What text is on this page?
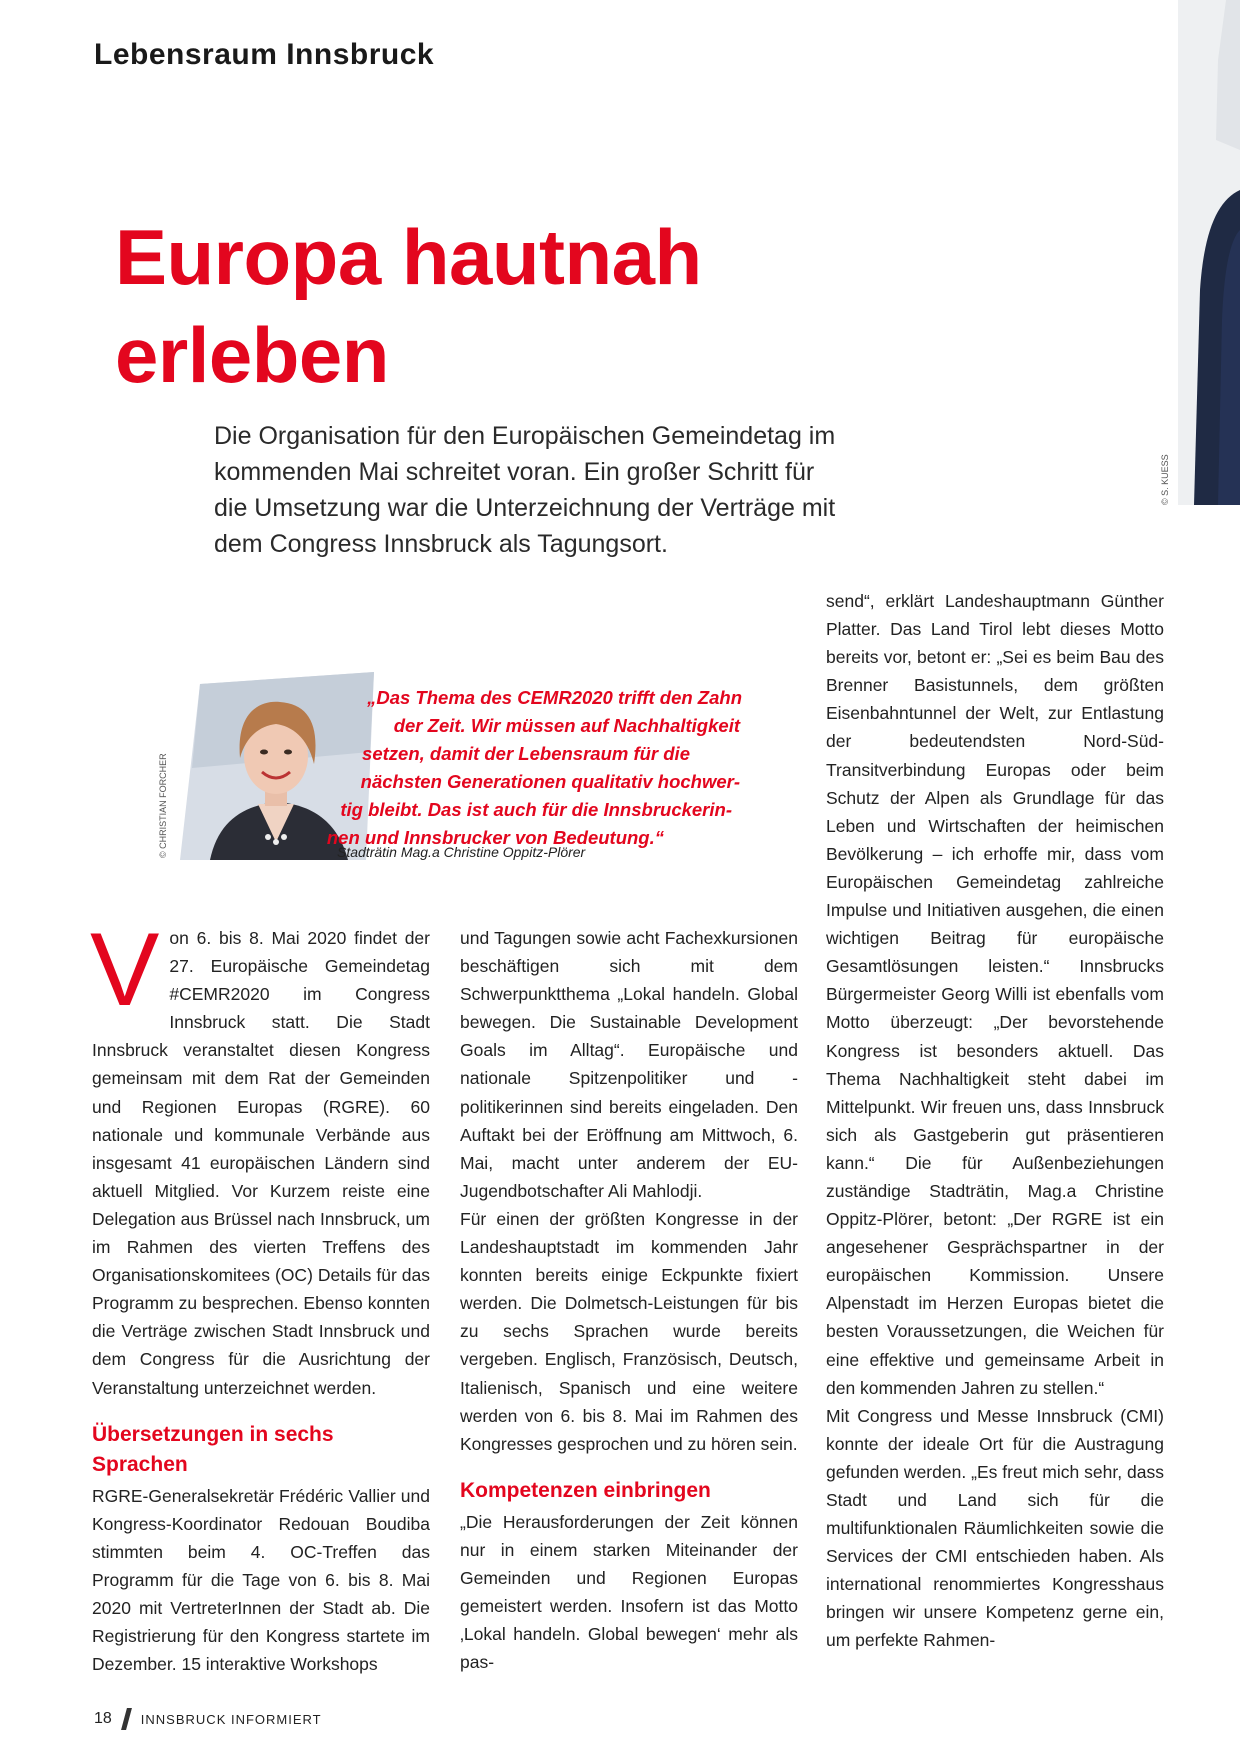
Lebensraum Innsbruck
Europa hautnah
erleben

Die Organisation für den Europäischen Gemeindetag im kommenden Mai schreitet voran. Ein großer Schritt für die Umsetzung war die Unterzeichnung der Verträge mit dem Congress Innsbruck als Tagungsort.

© S. KUESS
© CHRISTIAN FORCHER
„Das Thema des CEMR2020 trifft den Zahn
der Zeit. Wir müssen auf Nachhaltigkeit
setzen, damit der Lebensraum für die
nächsten Generationen qualitativ hochwer-
tig bleibt. Das ist auch für die Innsbruckerin-
nen und Innsbrucker von Bedeutung.“
Stadträtin Mag.a Christine Oppitz-Plörer

Von 6. bis 8. Mai 2020 findet der 27. Europäische Gemeindetag #CEMR2020 im Congress Innsbruck statt. Die Stadt Innsbruck veranstaltet diesen Kongress gemeinsam mit dem Rat der Gemeinden und Regionen Europas (RGRE). 60 nationale und kommunale Verbände aus insgesamt 41 europäischen Ländern sind aktuell Mitglied. Vor Kurzem reiste eine Delegation aus Brüssel nach Innsbruck, um im Rahmen des vierten Treffens des Organisationskomitees (OC) Details für das Programm zu besprechen. Ebenso konnten die Verträge zwischen Stadt Innsbruck und dem Congress für die Ausrichtung der Veranstaltung unterzeichnet werden.

Übersetzungen in sechs Sprachen

RGRE-Generalsekretär Frédéric Vallier und Kongress-Koordinator Redouan Boudiba stimmten beim 4. OC-Treffen das Programm für die Tage von 6. bis 8. Mai 2020 mit VertreterInnen der Stadt ab. Die Registrierung für den Kongress startete im Dezember. 15 interaktive Workshops

und Tagungen sowie acht Fachexkursionen beschäftigen sich mit dem Schwerpunktthema „Lokal handeln. Global bewegen. Die Sustainable Development Goals im Alltag“. Europäische und nationale Spitzenpolitiker und -politikerinnen sind bereits eingeladen. Den Auftakt bei der Eröffnung am Mittwoch, 6. Mai, macht unter anderem der EU-Jugendbotschafter Ali Mahlodji.

Für einen der größten Kongresse in der Landeshauptstadt im kommenden Jahr konnten bereits einige Eckpunkte fixiert werden. Die Dolmetsch-Leistungen für bis zu sechs Sprachen wurde bereits vergeben. Englisch, Französisch, Deutsch, Italienisch, Spanisch und eine weitere werden von 6. bis 8. Mai im Rahmen des Kongresses gesprochen und zu hören sein.

Kompetenzen einbringen

„Die Herausforderungen der Zeit können nur in einem starken Miteinander der Gemeinden und Regionen Europas gemeistert werden. Insofern ist das Motto ‚Lokal handeln. Global bewegen‘ mehr als pas-

send“, erklärt Landeshauptmann Günther Platter. Das Land Tirol lebt dieses Motto bereits vor, betont er: „Sei es beim Bau des Brenner Basistunnels, dem größten Eisenbahntunnel der Welt, zur Entlastung der bedeutendsten Nord-Süd-Transitverbindung Europas oder beim Schutz der Alpen als Grundlage für das Leben und Wirtschaften der heimischen Bevölkerung – ich erhoffe mir, dass vom Europäischen Gemeindetag zahlreiche Impulse und Initiativen ausgehen, die einen wichtigen Beitrag für europäische Gesamtlösungen leisten.“ Innsbrucks Bürgermeister Georg Willi ist ebenfalls vom Motto überzeugt: „Der bevorstehende Kongress ist besonders aktuell. Das Thema Nachhaltigkeit steht dabei im Mittelpunkt. Wir freuen uns, dass Innsbruck sich als Gastgeberin gut präsentieren kann.“ Die für Außenbeziehungen zuständige Stadträtin, Mag.a Christine Oppitz-Plörer, betont: „Der RGRE ist ein angesehener Gesprächspartner in der europäischen Kommission. Unsere Alpenstadt im Herzen Europas bietet die besten Voraussetzungen, die Weichen für eine effektive und gemeinsame Arbeit in den kommenden Jahren zu stellen.“

Mit Congress und Messe Innsbruck (CMI) konnte der ideale Ort für die Austragung gefunden werden. „Es freut mich sehr, dass Stadt und Land sich für die multifunktionalen Räumlichkeiten sowie die Services der CMI entschieden haben. Als international renommiertes Kongresshaus bringen wir unsere Kompetenz gerne ein, um perfekte Rahmen-

18 INNSBRUCK INFORMIERT
